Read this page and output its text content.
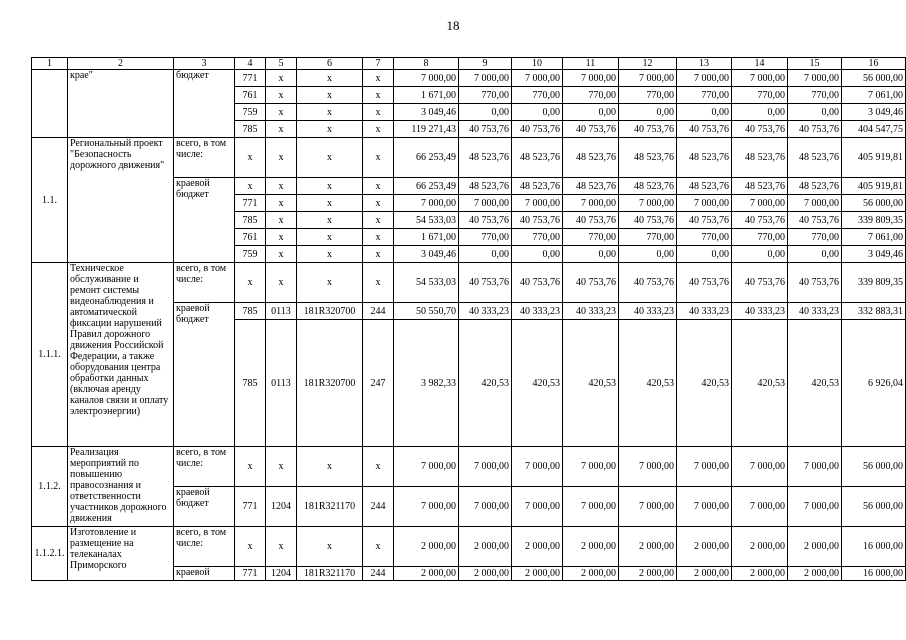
18
1	2	3	4	5	6	7	8	9	10	11	12	13	14	15	16
	крае"	бюджет	771	x	x	x	7 000,00	7 000,00	7 000,00	7 000,00	7 000,00	7 000,00	7 000,00	7 000,00	56 000,00
			761	x	x	x	1 671,00	770,00	770,00	770,00	770,00	770,00	770,00	770,00	7 061,00
			759	x	x	x	3 049,46	0,00	0,00	0,00	0,00	0,00	0,00	0,00	3 049,46
			785	x	x	x	119 271,43	40 753,76	40 753,76	40 753,76	40 753,76	40 753,76	40 753,76	40 753,76	404 547,75
1.1.	Региональный проект "Безопасность дорожного движения"	всего, в том числе:	x	x	x	x	66 253,49	48 523,76	48 523,76	48 523,76	48 523,76	48 523,76	48 523,76	48 523,76	405 919,81
		краевой бюджет	x	x	x	x	66 253,49	48 523,76	48 523,76	48 523,76	48 523,76	48 523,76	48 523,76	48 523,76	405 919,81
			771	x	x	x	7 000,00	7 000,00	7 000,00	7 000,00	7 000,00	7 000,00	7 000,00	7 000,00	56 000,00
			785	x	x	x	54 533,03	40 753,76	40 753,76	40 753,76	40 753,76	40 753,76	40 753,76	40 753,76	339 809,35
			761	x	x	x	1 671,00	770,00	770,00	770,00	770,00	770,00	770,00	770,00	7 061,00
			759	x	x	x	3 049,46	0,00	0,00	0,00	0,00	0,00	0,00	0,00	3 049,46
1.1.1.	Техническое обслуживание и ремонт системы видеонаблюдения и автоматической фиксации нарушений Правил дорожного движения Российской Федерации, а также оборудования центра обработки данных (включая аренду каналов связи и оплату электроэнергии)	всего, в том числе:	x	x	x	x	54 533,03	40 753,76	40 753,76	40 753,76	40 753,76	40 753,76	40 753,76	40 753,76	339 809,35
		краевой бюджет	785	0113	181R320700	244	50 550,70	40 333,23	40 333,23	40 333,23	40 333,23	40 333,23	40 333,23	40 333,23	332 883,31
			785	0113	181R320700	247	3 982,33	420,53	420,53	420,53	420,53	420,53	420,53	420,53	6 926,04
1.1.2.	Реализация мероприятий по повышению правосознания и ответственности участников дорожного движения	всего, в том числе:	x	x	x	x	7 000,00	7 000,00	7 000,00	7 000,00	7 000,00	7 000,00	7 000,00	7 000,00	56 000,00
		краевой бюджет	771	1204	181R321170	244	7 000,00	7 000,00	7 000,00	7 000,00	7 000,00	7 000,00	7 000,00	7 000,00	56 000,00
1.1.2.1.	Изготовление и размещение на телеканалах Приморского	всего, в том числе:	x	x	x	x	2 000,00	2 000,00	2 000,00	2 000,00	2 000,00	2 000,00	2 000,00	2 000,00	16 000,00
		краевой	771	1204	181R321170	244	2 000,00	2 000,00	2 000,00	2 000,00	2 000,00	2 000,00	2 000,00	2 000,00	16 000,00
